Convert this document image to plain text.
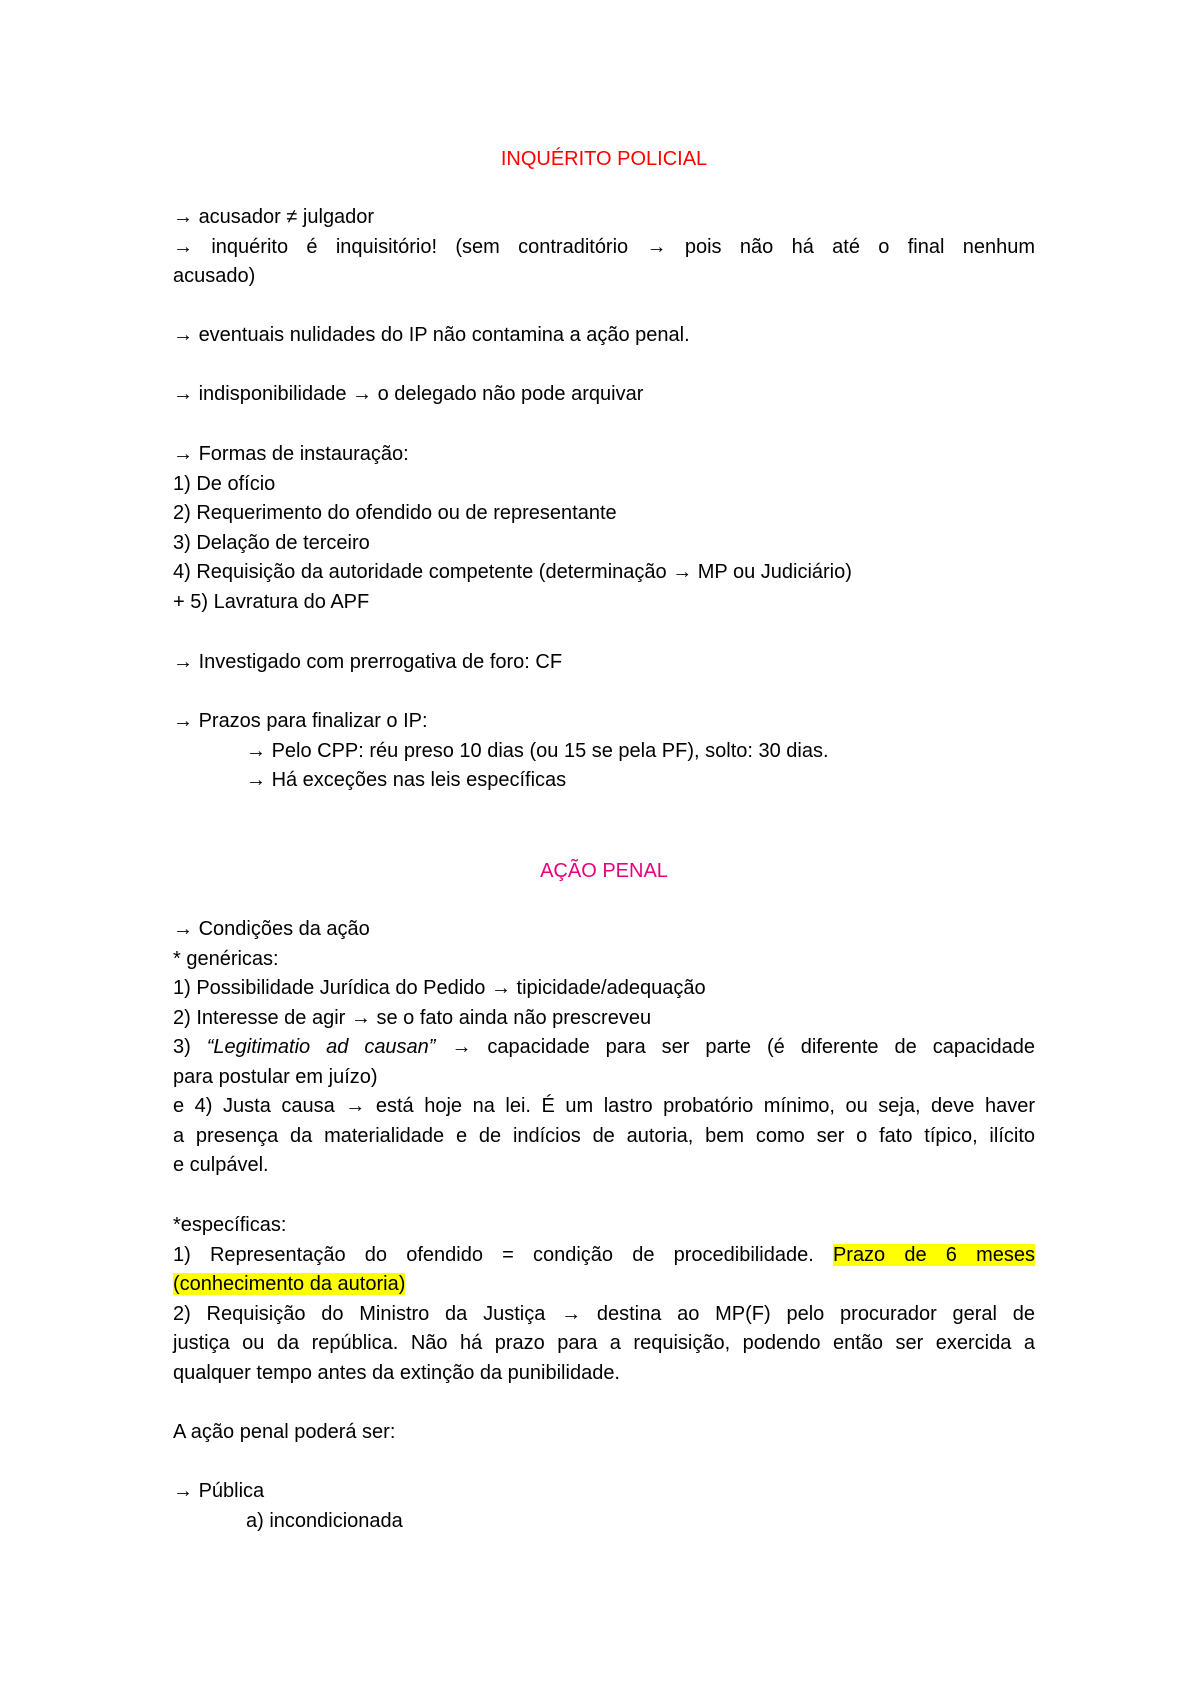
INQUÉRITO POLICIAL
→ acusador ≠ julgador
→ inquérito é inquisitório! (sem contraditório → pois não há até o final nenhum
acusado)
→ eventuais nulidades do IP não contamina a ação penal.
→ indisponibilidade → o delegado não pode arquivar
→ Formas de instauração:
1) De ofício
2) Requerimento do ofendido ou de representante
3) Delação de terceiro
4) Requisição da autoridade competente (determinação → MP ou Judiciário)
+ 5) Lavratura do APF
→ Investigado com prerrogativa de foro: CF
→ Prazos para finalizar o IP:
→ Pelo CPP: réu preso 10 dias (ou 15 se pela PF), solto: 30 dias.
→ Há exceções nas leis específicas
AÇÃO PENAL
→ Condições da ação
* genéricas:
1) Possibilidade Jurídica do Pedido → tipicidade/adequação
2) Interesse de agir → se o fato ainda não prescreveu
3) “Legitimatio ad causan” → capacidade para ser parte (é diferente de capacidade
para postular em juízo)
e 4) Justa causa → está hoje na lei. É um lastro probatório mínimo, ou seja, deve haver
a presença da materialidade e de indícios de autoria, bem como ser o fato típico, ilícito
e culpável.
*específicas:
1) Representação do ofendido = condição de procedibilidade. Prazo de 6 meses
(conhecimento da autoria)
2) Requisição do Ministro da Justiça → destina ao MP(F) pelo procurador geral de
justiça ou da república. Não há prazo para a requisição, podendo então ser exercida a
qualquer tempo antes da extinção da punibilidade.
A ação penal poderá ser:
→ Pública
a) incondicionada
